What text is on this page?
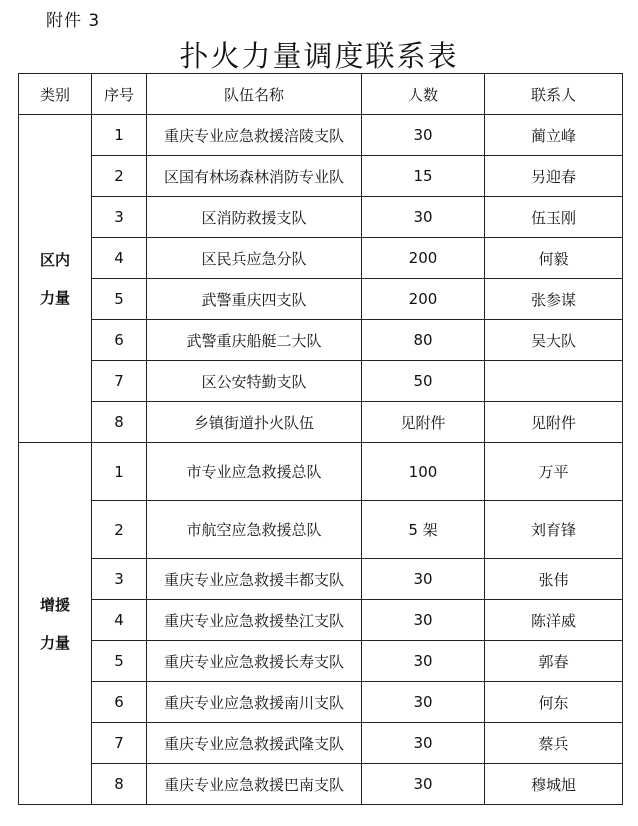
附件 3
扑火力量调度联系表
类别	序号	队伍名称	人数	联系人

区内
力量	1	重庆专业应急救援涪陵支队	30	蔺立峰
	2	区国有林场森林消防专业队	15	另迎春
	3	区消防救援支队	30	伍玉刚
	4	区民兵应急分队	200	何毅
	5	武警重庆四支队	200	张参谋
	6	武警重庆船艇二大队	80	吴大队
	7	区公安特勤支队	50	
	8	乡镇街道扑火队伍	见附件	见附件

增援
力量	1	市专业应急救援总队	100	万平
	2	市航空应急救援总队	5 架	刘育锋
	3	重庆专业应急救援丰都支队	30	张伟
	4	重庆专业应急救援垫江支队	30	陈洋威
	5	重庆专业应急救援长寿支队	30	郭春
	6	重庆专业应急救援南川支队	30	何东
	7	重庆专业应急救援武隆支队	30	蔡兵
	8	重庆专业应急救援巴南支队	30	穆城旭
